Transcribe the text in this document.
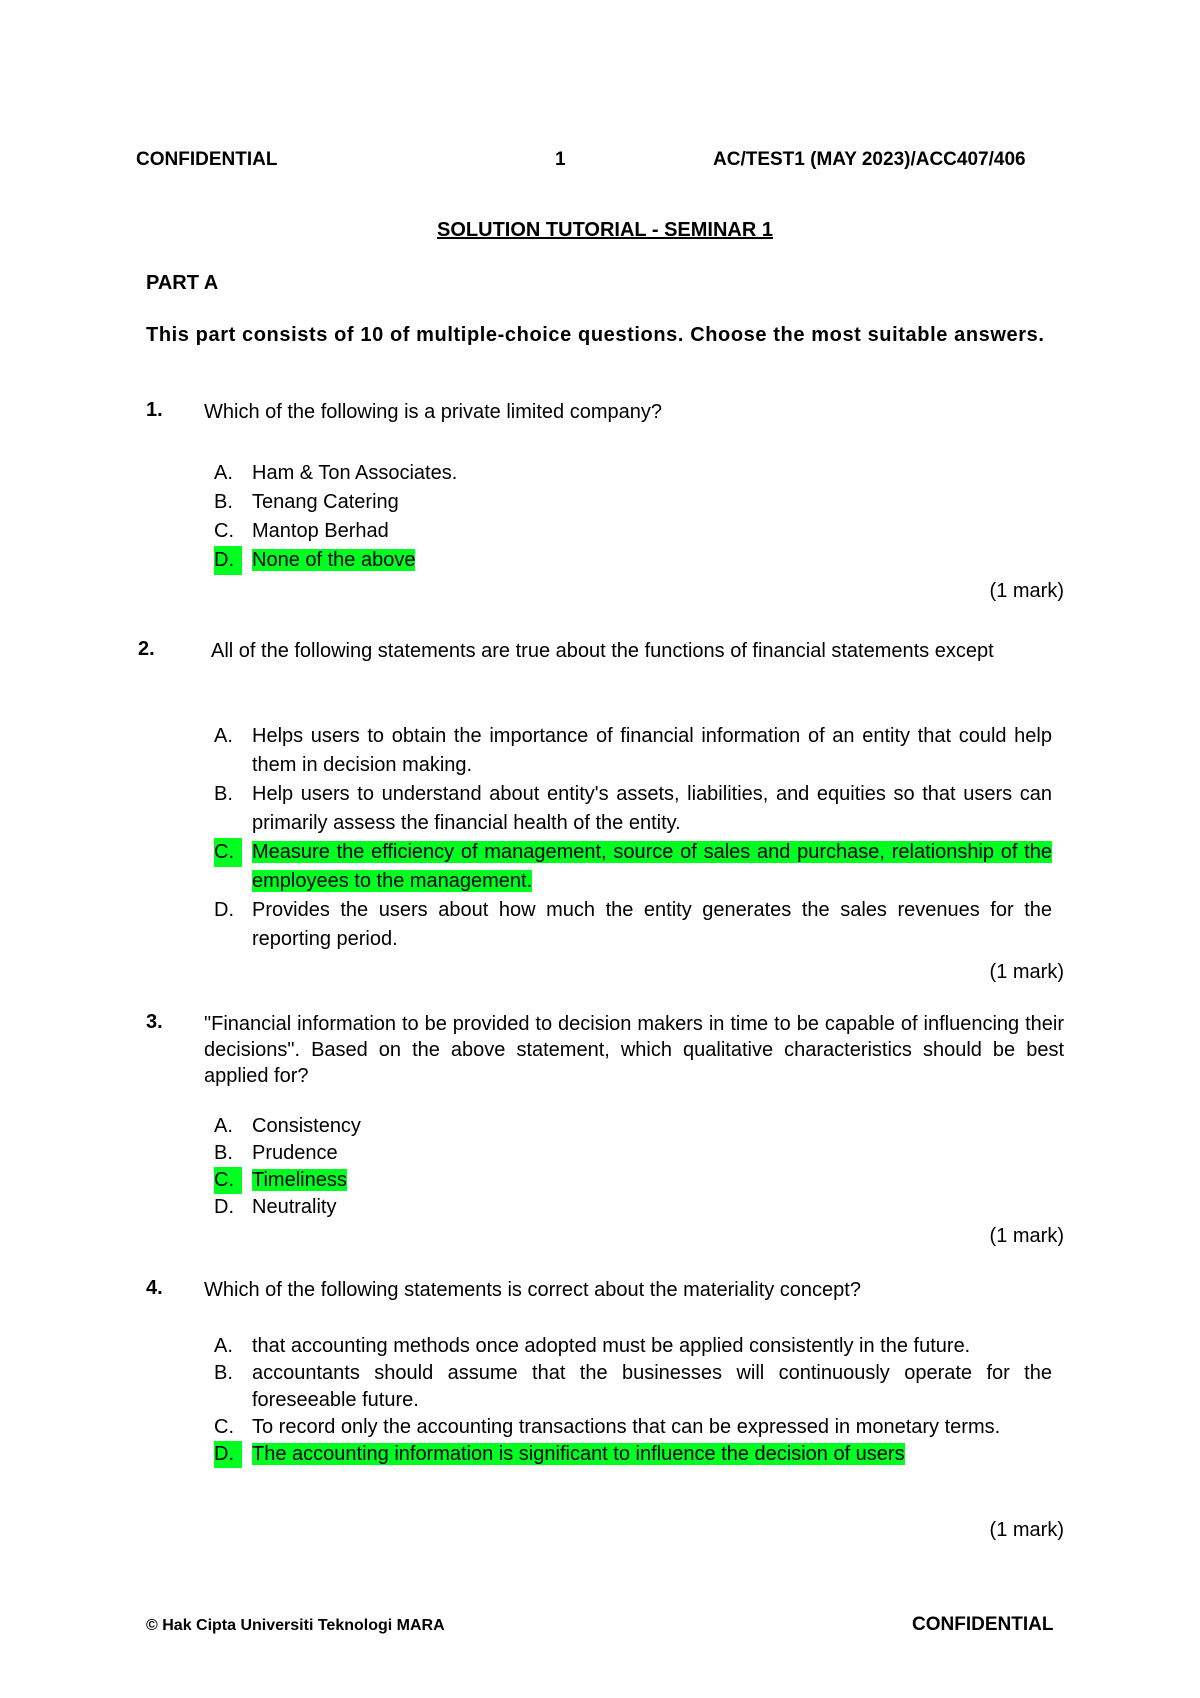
CONFIDENTIAL	1	AC/TEST1 (MAY 2023)/ACC407/406
SOLUTION TUTORIAL - SEMINAR 1
PART A
This part consists of 10 of multiple-choice questions. Choose the most suitable answers.
1. Which of the following is a private limited company?
A. Ham & Ton Associates.
B. Tenang Catering
C. Mantop Berhad
D. None of the above
(1 mark)
2.	All of the following statements are true about the functions of financial statements except
A. Helps users to obtain the importance of financial information of an entity that could help them in decision making.
B. Help users to understand about entity's assets, liabilities, and equities so that users can primarily assess the financial health of the entity.
C. Measure the efficiency of management, source of sales and purchase, relationship of the employees to the management.
D. Provides the users about how much the entity generates the sales revenues for the reporting period.
(1 mark)
3. "Financial information to be provided to decision makers in time to be capable of influencing their decisions". Based on the above statement, which qualitative characteristics should be best applied for?
A. Consistency
B. Prudence
C. Timeliness
D. Neutrality
(1 mark)
4. Which of the following statements is correct about the materiality concept?
A. that accounting methods once adopted must be applied consistently in the future.
B. accountants should assume that the businesses will continuously operate for the foreseeable future.
C. To record only the accounting transactions that can be expressed in monetary terms.
D. The accounting information is significant to influence the decision of users
(1 mark)
© Hak Cipta Universiti Teknologi MARA	CONFIDENTIAL
